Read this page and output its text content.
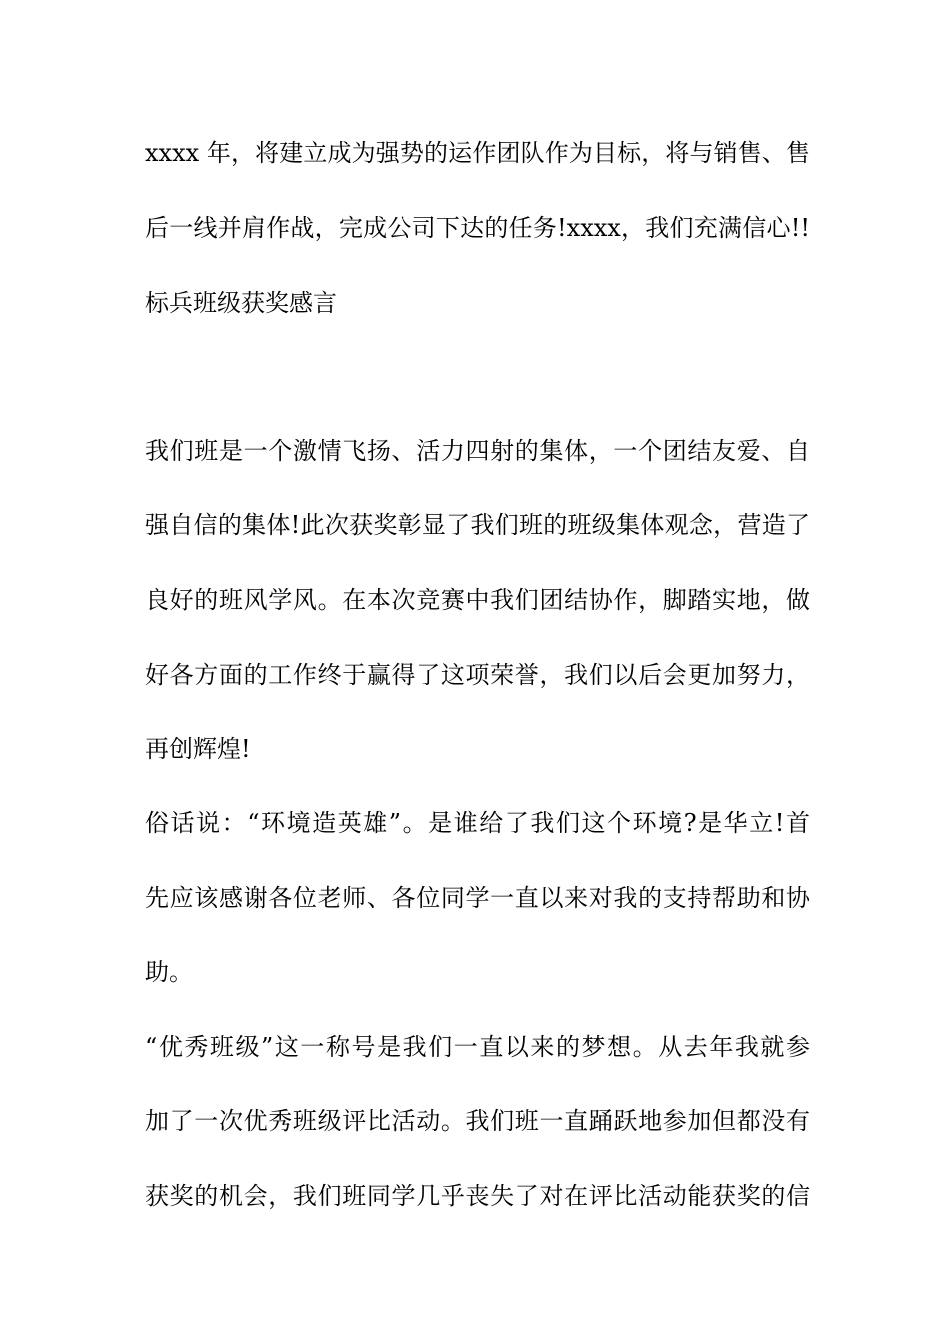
xxxx 年，将建立成为强势的运作团队作为目标，将与销售、售
后一线并肩作战，完成公司下达的任务!xxxx，我们充满信心!!
标兵班级获奖感言
我们班是一个激情飞扬、活力四射的集体，一个团结友爱、自
强自信的集体!此次获奖彰显了我们班的班级集体观念，营造了
良好的班风学风。在本次竞赛中我们团结协作，脚踏实地，做
好各方面的工作终于赢得了这项荣誉，我们以后会更加努力，
再创辉煌!
俗话说：“环境造英雄”。是谁给了我们这个环境?是华立!首
先应该感谢各位老师、各位同学一直以来对我的支持帮助和协
助。
“优秀班级”这一称号是我们一直以来的梦想。从去年我就参
加了一次优秀班级评比活动。我们班一直踊跃地参加但都没有
获奖的机会，我们班同学几乎丧失了对在评比活动能获奖的信
